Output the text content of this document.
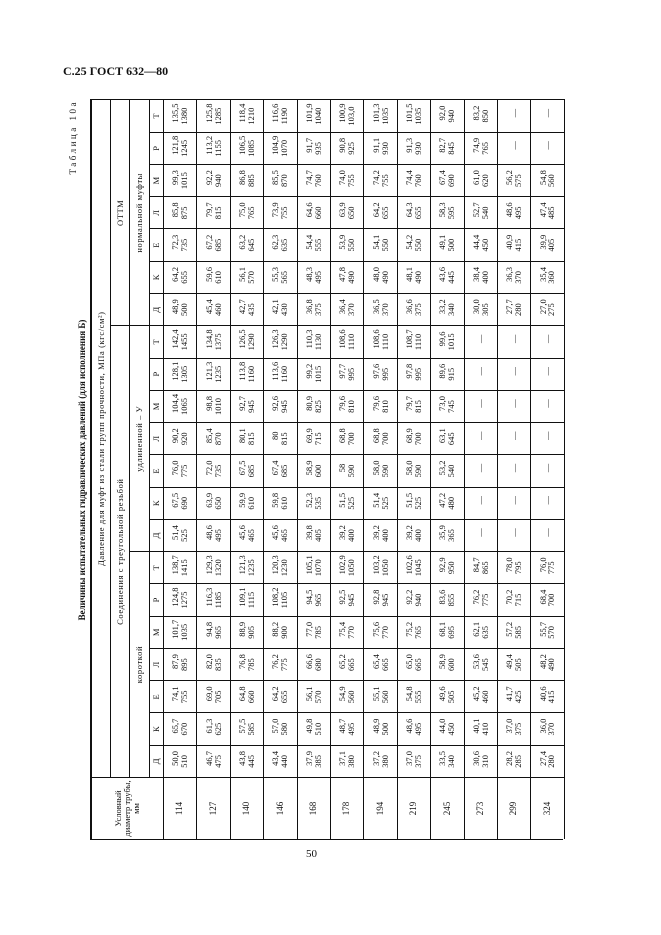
С.25 ГОСТ 632—80
Таблица 10а
Величины испытательных гидравлических давлений (для исполнения Б)
Условный диаметр трубы, мм
Давление для муфт из стали групп прочности, МПа (кгс/см²)	Соединения с треугольной резьбой
ОТТМ
короткой
удлиненной – У
нормальной муфты
Д
К
Е
Л
М
Р
Т
Д
К
Е
Л
М
Р
Т
Д
К
Е
Л
М
Р
Т
114
50,0
510
65,7
670
74,1
755
87,9
895
101,7
1035
124,8
1275
138,7
1415
51,4
525
67,5
690
76,0
775
90,2
920
104,4
1065
128,1
1305
142,4
1455
48,9
500
64,2
655
72,3
735
85,8
875
99,3
1015
121,8
1245
135,5
1380
127
46,7
475
61,3
625
69,0
705
82,0
835
94,8
965
116,3
1185
129,3
1320
48,6
495
63,9
650
72,0
735
85,4
870
98,8
1010
121,3
1235
134,8
1375
45,4
460
59,6
610
67,2
685
79,7
815
92,2
940
113,2
1155
125,8
1285
140
43,8
445
57,5
585
64,8
660
76,8
785
88,9
905
109,1
1115
121,3
1235
45,6
465
59,9
610
67,5
685
80,1
815
92,7
945
113,8
1160
126,5
1290
42,7
435
56,1
570
63,2
645
75,0
765
86,8
885
106,5
1085
118,4
1210
146
43,4
440
57,0
580
64,2
655
76,2
775
88,2
900
108,2
1105
120,3
1230
45,6
465
59,8
610
67,4
685
80
815
92,6
945
113,6
1160
126,3
1290
42,1
430
55,3
565
62,3
635
73,9
755
85,5
870
104,9
1070
116,6
1190
168
37,9
385
49,8
510
56,1
570
66,6
680
77,0
785
94,5
965
105,1
1070
39,8
405
52,3
535
58,9
600
69,9
715
80,9
825
99,2
1015
110,3
1130
36,8
375
48,3
495
54,4
555
64,6
660
74,7
760
91,7
935
101,9
1040
178
37,1
380
48,7
495
54,9
560
65,2
665
75,4
770
92,5
945
102,9
1050
39,2
400
51,5
525
58
590
68,8
700
79,6
810
97,7
995
108,6
1110
36,4
370
47,8
490
53,9
550
63,9
650
74,0
755
90,8
925
100,9
103,0
194
37,2
380
48,9
500
55,1
560
65,4
665
75,6
770
92,8
945
103,2
1050
39,2
400
51,4
525
58,0
590
68,8
700
79,6
810
97,6
995
108,6
1110
36,5
370
48,0
490
54,1
550
64,2
655
74,2
755
91,1
930
101,3
1035
219
37,0
375
48,6
495
54,8
555
65,0
665
75,2
765
92,2
940
102,6
1045
39,2
400
51,5
525
58,0
590
68,9
700
79,7
815
97,8
995
108,7
1110
36,6
375
48,1
490
54,2
550
64,3
655
74,4
760
91,3
930
101,5
1035
245
33,5
340
44,0
450
49,6
505
58,9
600
68,1
695
83,6
855
92,9
950
35,9
365
47,2
480
53,2
540
63,1
645
73,0
745
89,6
915
99,6
1015
33,2
340
43,6
445
49,1
500
58,3
595
67,4
690
82,7
845
92,0
940
273
30,6
310
40,1
410
45,2
460
53,6
545
62,1
635
76,2
775
84,7
865
—
—
—
—
—
—
—
30,0
305
38,4
400
44,4
450
52,7
540
61,0
620
74,9
765
83,2
850
299
28,2
285
37,0
375
41,7
425
49,4
505
57,2
585
70,2
715
78,0
795
—
—
—
—
—
—
—
27,7
280
36,3
370
40,9
415
48,6
495
56,2
575
—
—
324
27,4
280
36,0
370
40,6
415
48,2
490
55,7
570
68,4
700
76,0
775
—
—
—
—
—
—
—
27,0
275
35,4
360
39,9
405
47,4
485
54,8
560
—
—
50
